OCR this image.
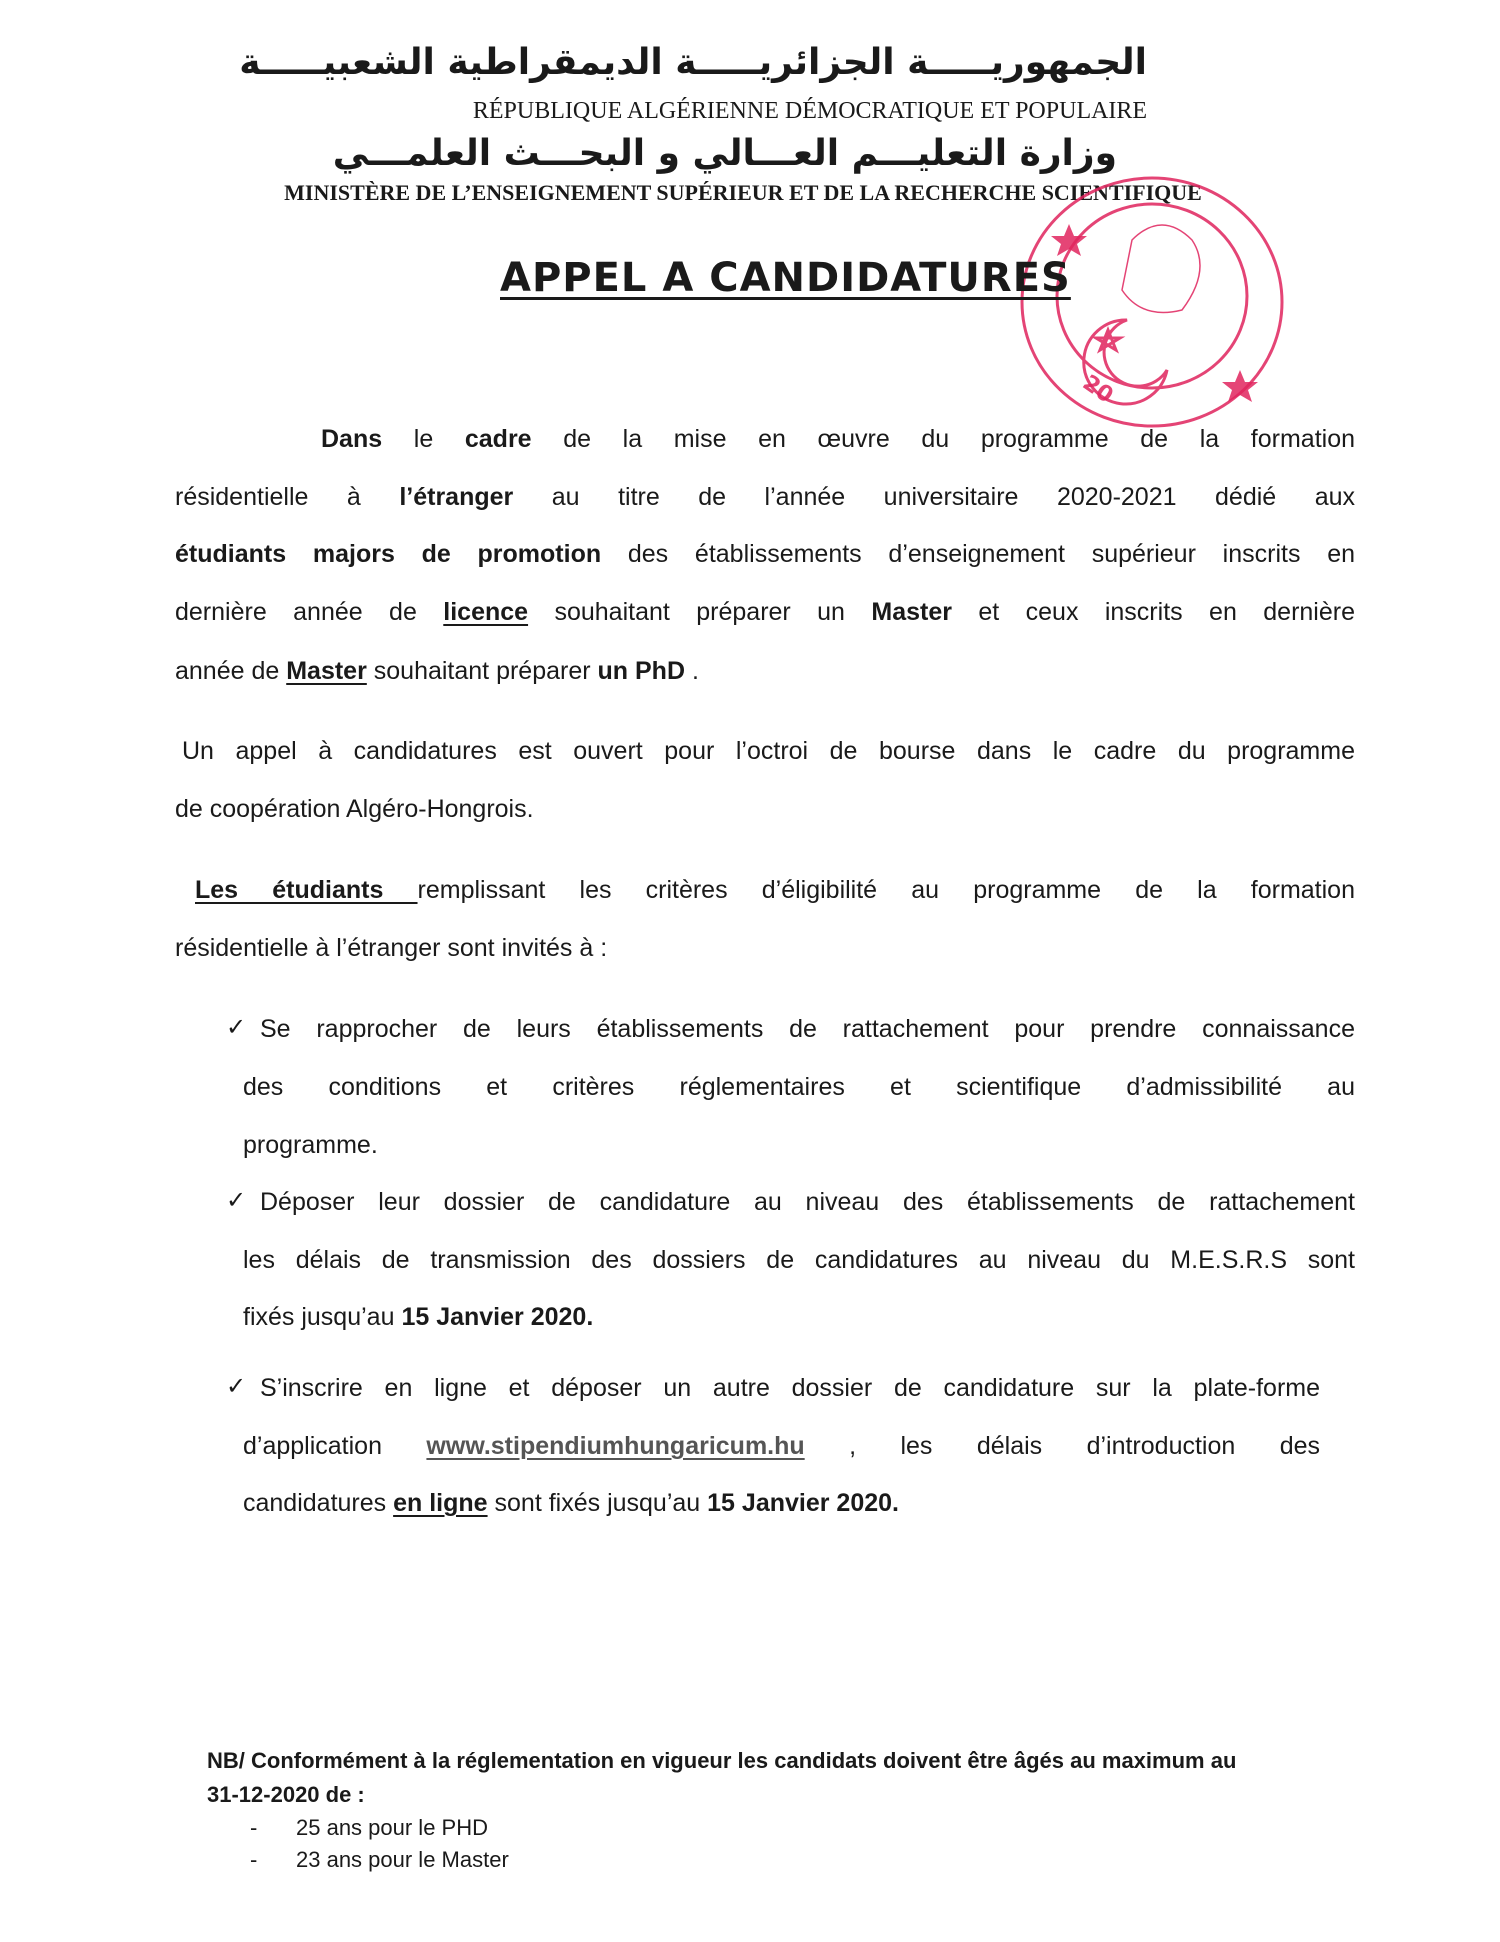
الجمهوريـــــة الجزائريـــــة الديمقراطية الشعبيـــــة
RÉPUBLIQUE ALGÉRIENNE DÉMOCRATIQUE ET POPULAIRE
وزارة التعليـــم العـــالي و البحـــث العلمـــي
MINISTÈRE DE L’ENSEIGNEMENT SUPÉRIEUR ET DE LA RECHERCHE SCIENTIFIQUE
20
APPEL A CANDIDATURES
Dans le cadre de la mise en œuvre du programme de la formation
résidentielle à l’étranger au titre de l’année universitaire 2020-2021 dédié aux
étudiants majors de promotion des établissements d’enseignement supérieur inscrits en
dernière année de licence souhaitant préparer un Master et ceux inscrits en dernière
année de Master souhaitant préparer un PhD .
Un appel à candidatures est ouvert pour l’octroi de bourse dans le cadre du programme
de coopération Algéro-Hongrois.
Les étudiants remplissant les critères d’éligibilité au programme de la formation
résidentielle à l’étranger sont invités à :
✓ Se rapprocher de leurs établissements de rattachement pour prendre connaissance
des conditions et critères réglementaires et scientifique d’admissibilité au
programme.
✓ Déposer leur dossier de candidature au niveau des établissements de rattachement
les délais de transmission des dossiers de candidatures au niveau du M.E.S.R.S sont
fixés jusqu’au 15 Janvier 2020.
✓ S’inscrire en ligne et déposer un autre dossier de candidature sur la plate-forme
d’application www.stipendiumhungaricum.hu , les délais d’introduction des
candidatures en ligne sont fixés jusqu’au 15 Janvier 2020.
NB/ Conformément à la réglementation en vigueur les candidats doivent être âgés au maximum au
31-12-2020 de :
- 25 ans pour le PHD
- 23 ans pour le Master
